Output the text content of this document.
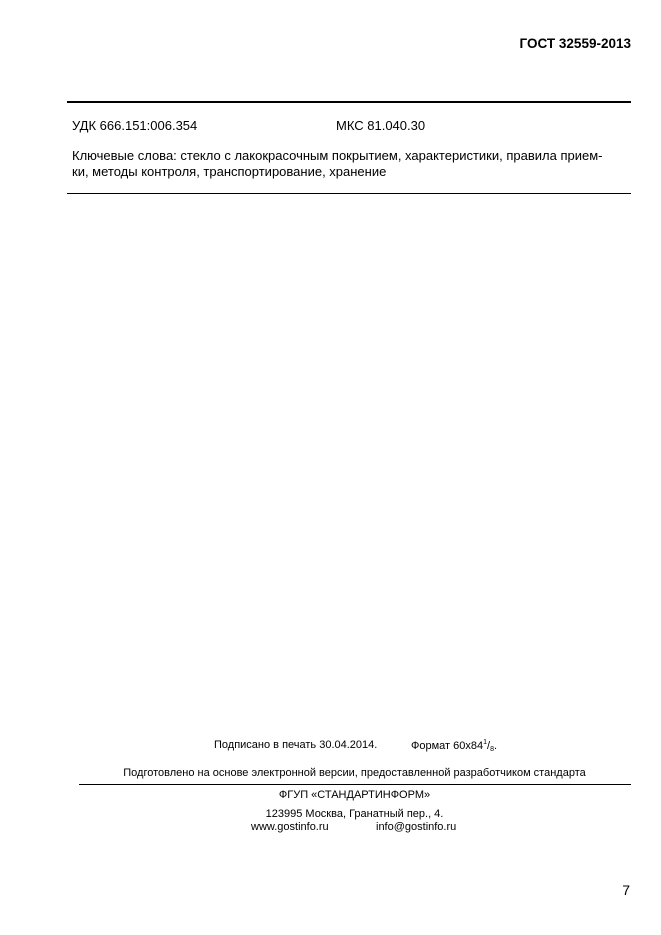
ГОСТ 32559-2013
УДК 666.151:006.354	МКС 81.040.30
Ключевые слова: стекло с лакокрасочным покрытием, характеристики, правила прием-
ки, методы контроля, транспортирование, хранение
Подписано в печать 30.04.2014.	Формат $60х84^1/_8$.
Подготовлено на основе электронной версии, предоставленной разработчиком стандарта
ФГУП «СТАНДАРТИНФОРМ»
123995 Москва, Гранатный пер., 4.
www.gostinfo.ru	info@gostinfo.ru
7
